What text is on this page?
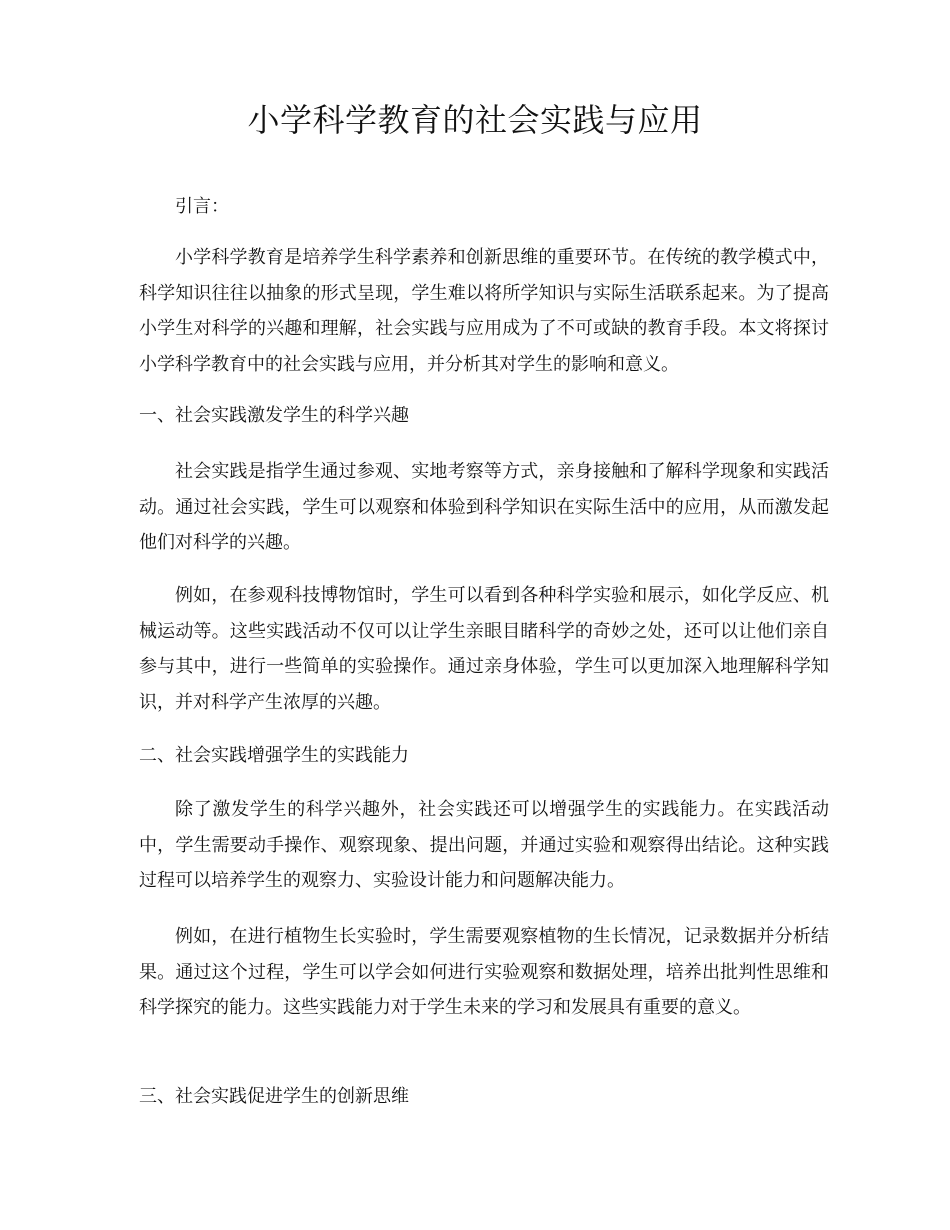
小学科学教育的社会实践与应用
引言：
小学科学教育是培养学生科学素养和创新思维的重要环节。在传统的教学模式中，科学知识往往以抽象的形式呈现，学生难以将所学知识与实际生活联系起来。为了提高小学生对科学的兴趣和理解，社会实践与应用成为了不可或缺的教育手段。本文将探讨小学科学教育中的社会实践与应用，并分析其对学生的影响和意义。
一、社会实践激发学生的科学兴趣
社会实践是指学生通过参观、实地考察等方式，亲身接触和了解科学现象和实践活动。通过社会实践，学生可以观察和体验到科学知识在实际生活中的应用，从而激发起他们对科学的兴趣。
例如，在参观科技博物馆时，学生可以看到各种科学实验和展示，如化学反应、机械运动等。这些实践活动不仅可以让学生亲眼目睹科学的奇妙之处，还可以让他们亲自参与其中，进行一些简单的实验操作。通过亲身体验，学生可以更加深入地理解科学知识，并对科学产生浓厚的兴趣。
二、社会实践增强学生的实践能力
除了激发学生的科学兴趣外，社会实践还可以增强学生的实践能力。在实践活动中，学生需要动手操作、观察现象、提出问题，并通过实验和观察得出结论。这种实践过程可以培养学生的观察力、实验设计能力和问题解决能力。
例如，在进行植物生长实验时，学生需要观察植物的生长情况，记录数据并分析结果。通过这个过程，学生可以学会如何进行实验观察和数据处理，培养出批判性思维和科学探究的能力。这些实践能力对于学生未来的学习和发展具有重要的意义。
三、社会实践促进学生的创新思维
